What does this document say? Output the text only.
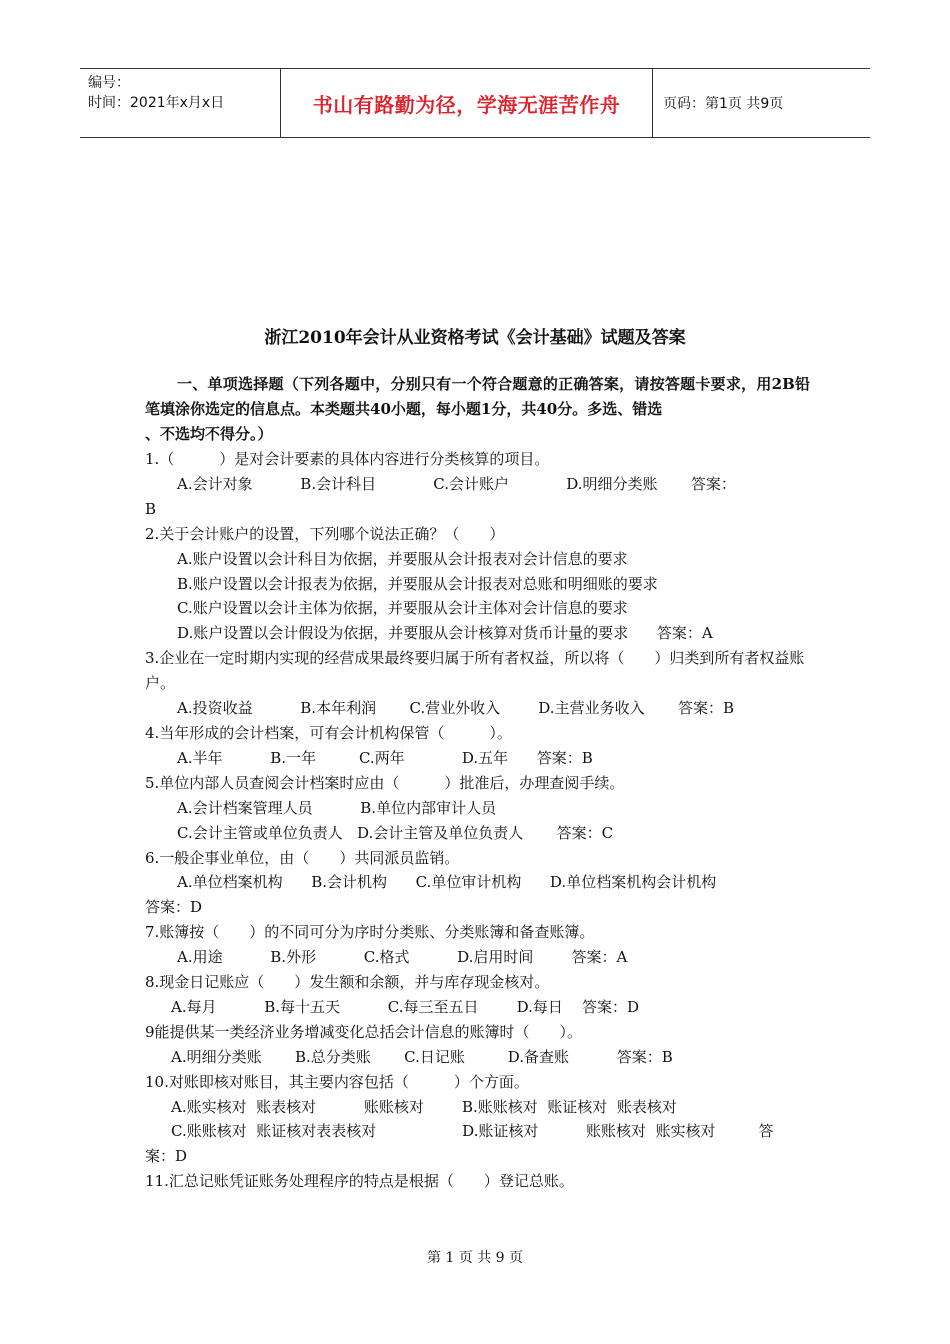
编号：
时间：2021年x月x日	书山有路勤为径，学海无涯苦作舟	页码：第1页 共9页
浙江2010年会计从业资格考试《会计基础》试题及答案

一、单项选择题（下列各题中，分别只有一个符合题意的正确答案，请按答题卡要求，用2B铅笔填涂你选定的信息点。本类题共40小题，每小题1分，共40分。多选、错选

、不选均不得分。）

1.（　　　）是对会计要素的具体内容进行分类核算的项目。

A.会计对象          B.会计科目            C.会计账户            D.明细分类账       答案：

B

2.关于会计账户的设置，下列哪个说法正确？（　　）

A.账户设置以会计科目为依据，并要服从会计报表对会计信息的要求

B.账户设置以会计报表为依据，并要服从会计报表对总账和明细账的要求

C.账户设置以会计主体为依据，并要服从会计主体对会计信息的要求

D.账户设置以会计假设为依据，并要服从会计核算对货币计量的要求      答案：A

3.企业在一定时期内实现的经营成果最终要归属于所有者权益，所以将（　　）归类到所有者权益账户。

A.投资收益          B.本年利润       C.营业外收入        D.主营业务收入       答案：B

4.当年形成的会计档案，可有会计机构保管（　　　）。

A.半年          B.一年         C.两年            D.五年      答案：B

5.单位内部人员查阅会计档案时应由（　　　）批准后，办理查阅手续。

A.会计档案管理人员          B.单位内部审计人员

C.会计主管或单位负责人   D.会计主管及单位负责人       答案：C

6.一般企事业单位，由（　　）共同派员监销。

A.单位档案机构      B.会计机构      C.单位审计机构      D.单位档案机构会计机构

答案：D

7.账簿按（　　）的不同可分为序时分类账、分类账簿和备查账簿。

A.用途          B.外形          C.格式          D.启用时间        答案：A

8.现金日记账应（　　）发生额和余额，并与库存现金核对。

A.每月          B.每十五天          C.每三至五日        D.每日    答案：D

9能提供某一类经济业务增减变化总括会计信息的账簿时（　　）。

A.明细分类账       B.总分类账       C.日记账         D.备查账          答案：B

10.对账即核对账目，其主要内容包括（　　　）个方面。

A.账实核对  账表核对          账账核对        B.账账核对  账证核对  账表核对

C.账账核对  账证核对表表核对                  D.账证核对          账账核对  账实核对         答

案：D

11.汇总记账凭证账务处理程序的特点是根据（　　）登记总账。

第 1 页 共 9 页
